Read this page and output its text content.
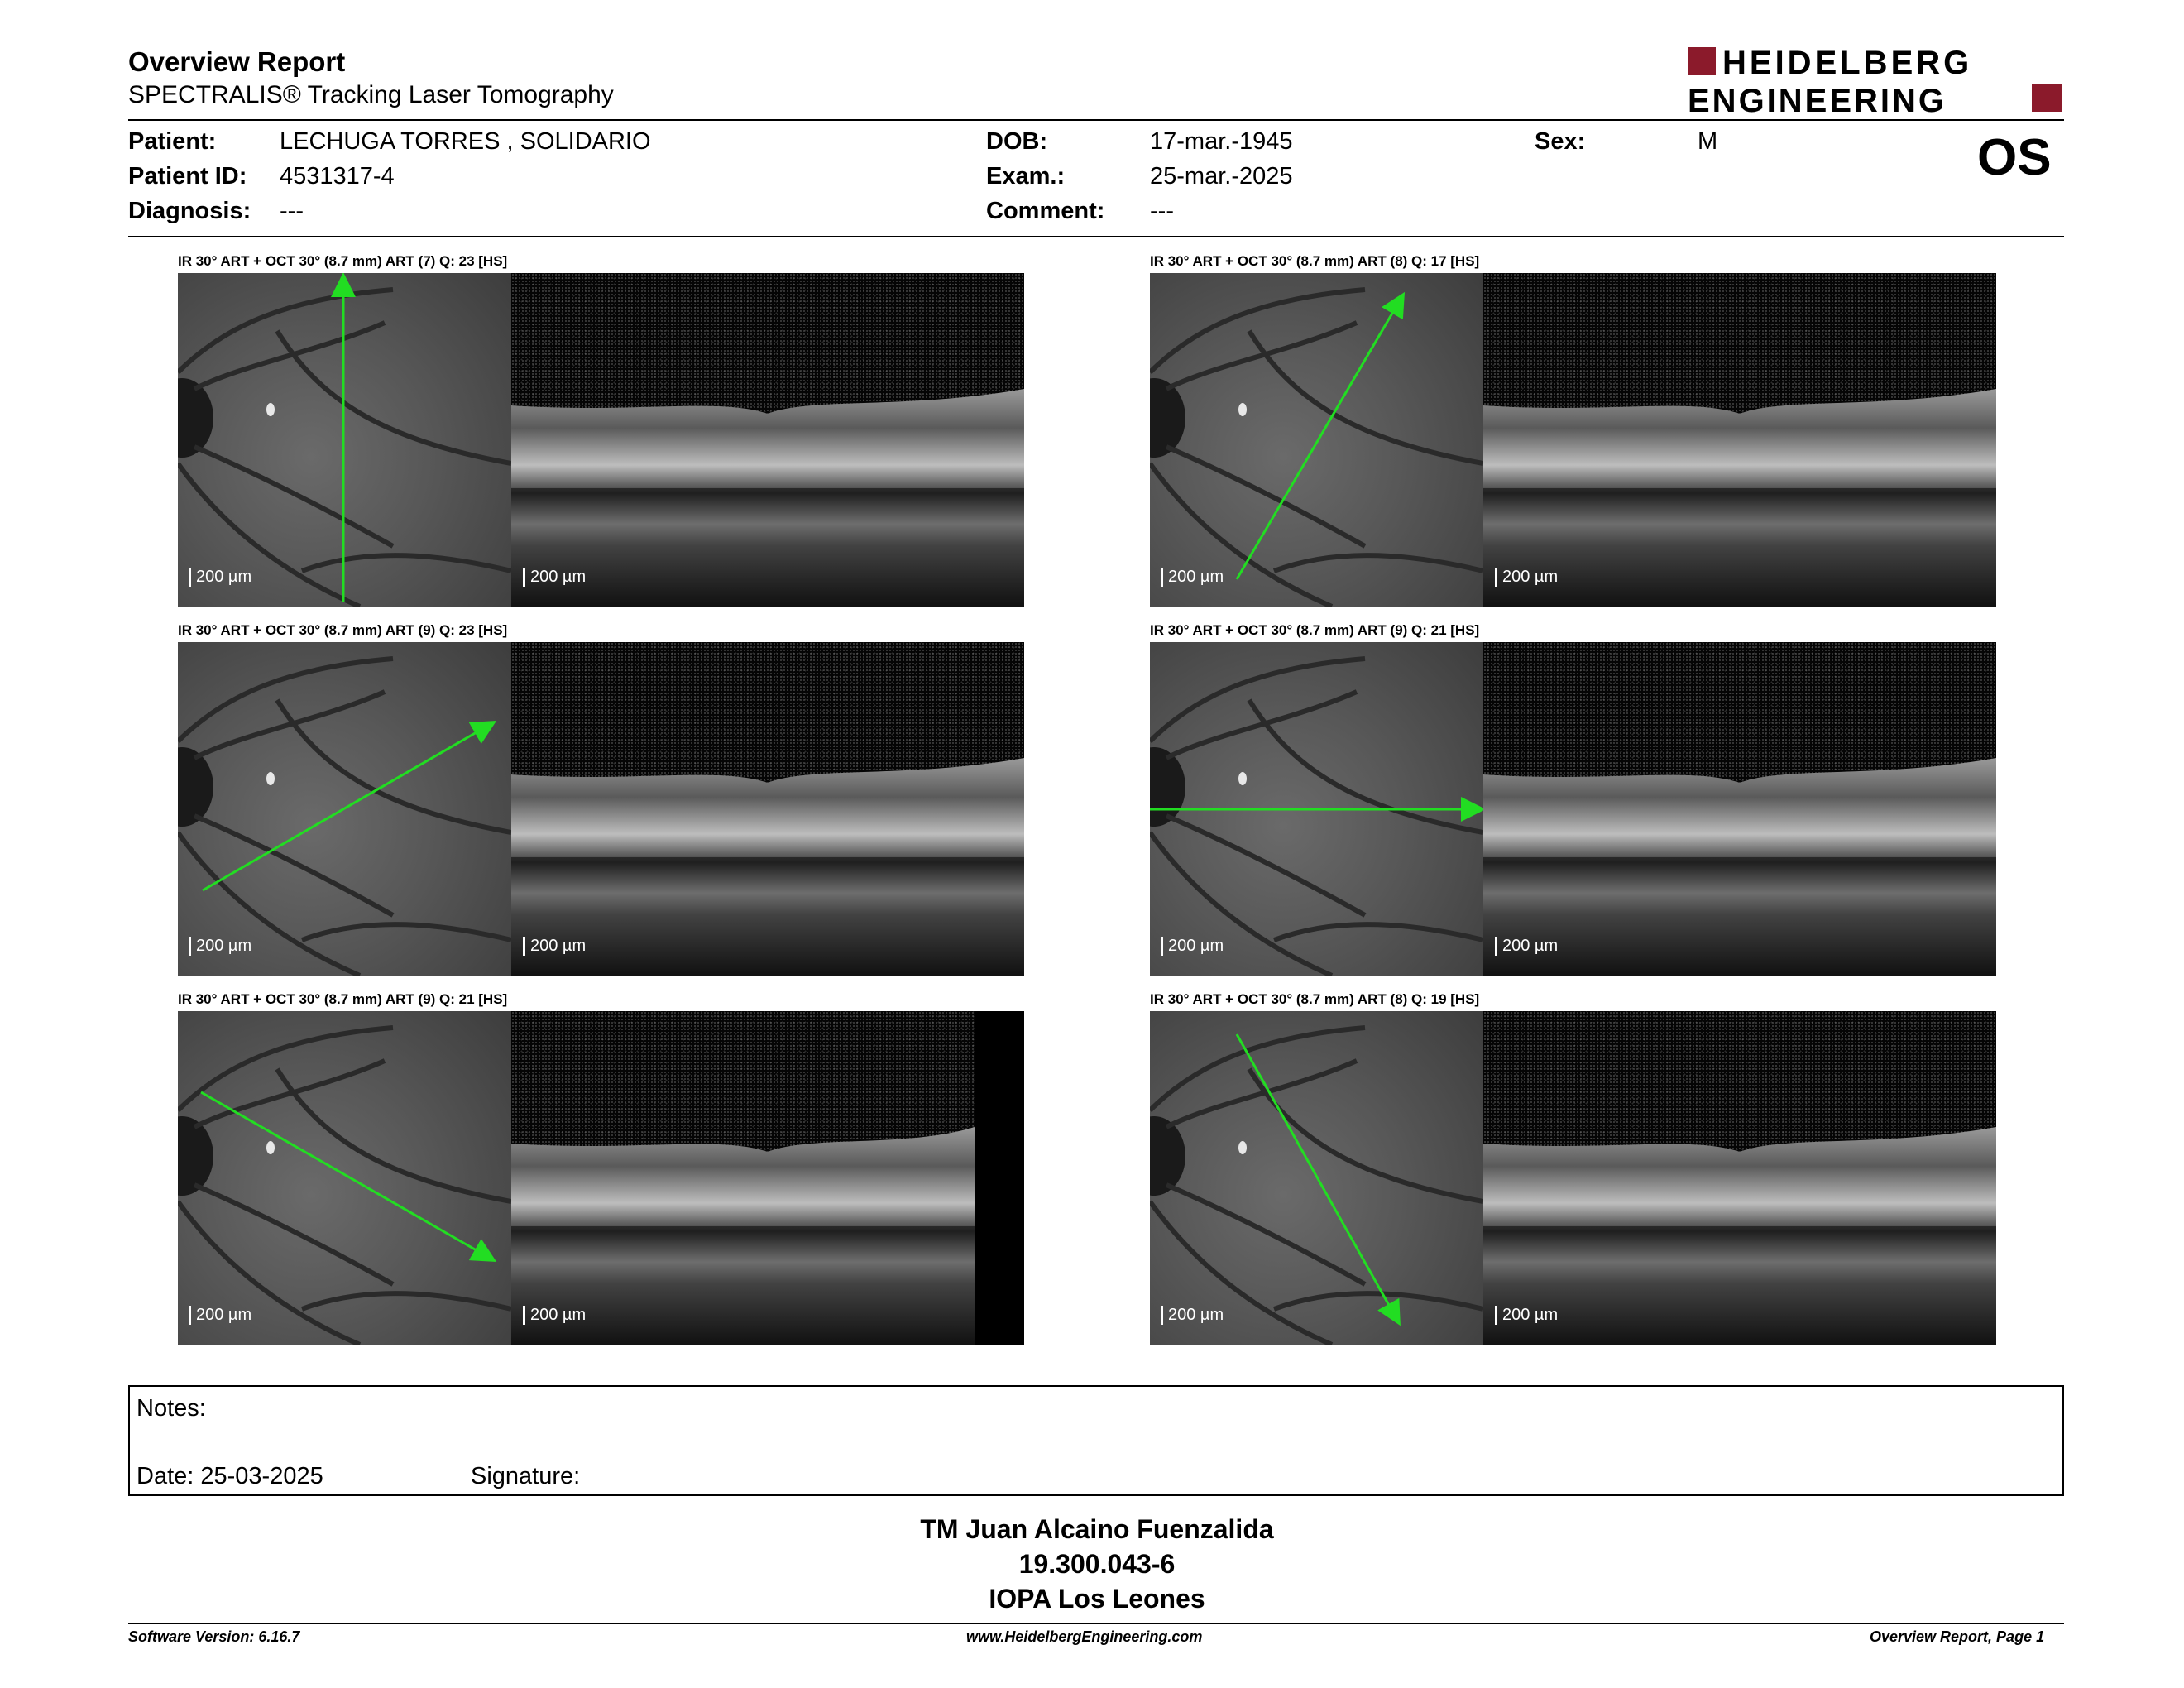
Overview Report
SPECTRALIS® Tracking Laser Tomography
HEIDELBERG
ENGINEERING
Patient:	LECHUGA TORRES , SOLIDARIO
Patient ID: 4531317-4
Diagnosis: ---
DOB:	17-mar.-1945
Exam.:	25-mar.-2025
Comment: ---
Sex:	M	OS
IR 30° ART + OCT 30° (8.7 mm) ART (7) Q: 23 [HS]
200 µm	200 µm
IR 30° ART + OCT 30° (8.7 mm) ART (8) Q: 17 [HS]
200 µm	200 µm
IR 30° ART + OCT 30° (8.7 mm) ART (9) Q: 23 [HS]
200 µm	200 µm
IR 30° ART + OCT 30° (8.7 mm) ART (9) Q: 21 [HS]
200 µm	200 µm
IR 30° ART + OCT 30° (8.7 mm) ART (9) Q: 21 [HS]
200 µm	200 µm
IR 30° ART + OCT 30° (8.7 mm) ART (8) Q: 19 [HS]
200 µm	200 µm
Notes:
Date: 25-03-2025	Signature:
TM Juan Alcaino Fuenzalida
19.300.043-6
IOPA Los Leones
Software Version: 6.16.7	www.HeidelbergEngineering.com	Overview Report, Page 1
